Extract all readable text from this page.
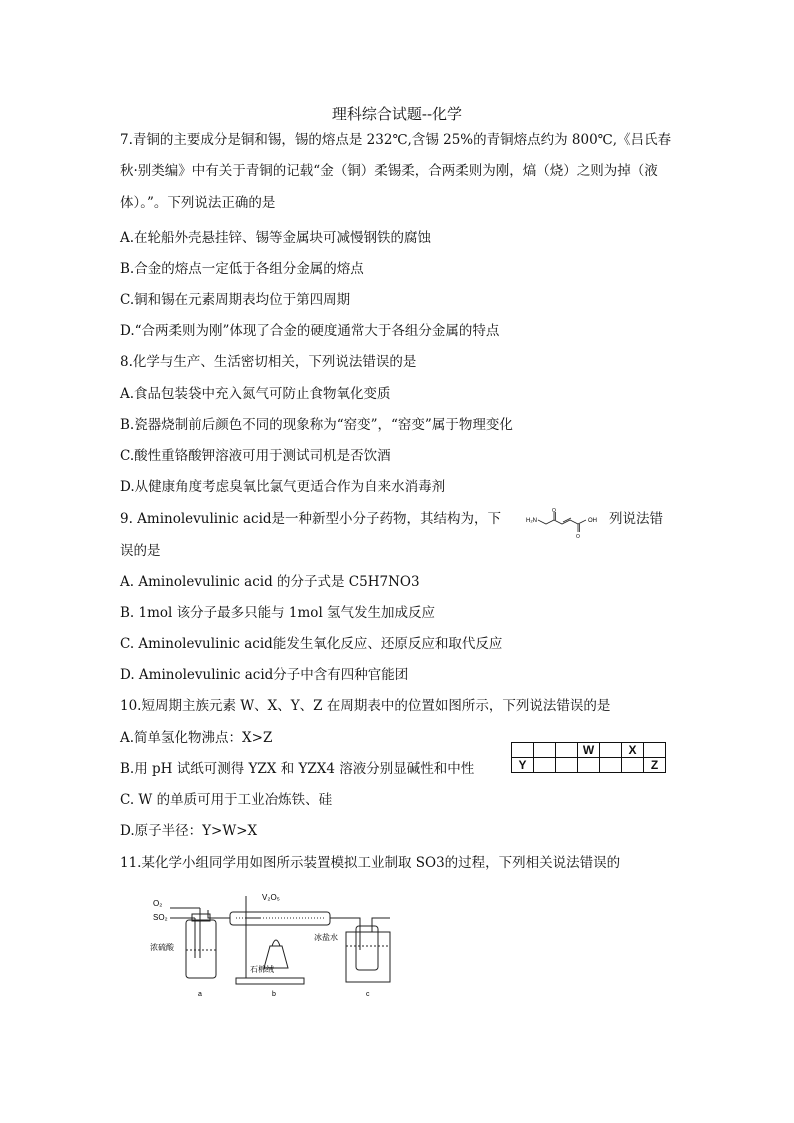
理科综合试题--化学
7.青铜的主要成分是铜和锡，锡的熔点是 232℃,含锡 25%的青铜熔点约为 800℃,《吕氏春
秋·别类编》中有关于青铜的记载“金（铜）柔锡柔，合两柔则为刚，熇（烧）之则为掉（液
体）。”。下列说法正确的是
A.在轮船外壳悬挂锌、锡等金属块可减慢钢铁的腐蚀
B.合金的熔点一定低于各组分金属的熔点
C.铜和锡在元素周期表均位于第四周期
D.“合两柔则为刚”体现了合金的硬度通常大于各组分金属的特点
8.化学与生产、生活密切相关，下列说法错误的是
A.食品包装袋中充入氮气可防止食物氧化变质
B.瓷器烧制前后颜色不同的现象称为“窑变”，“窑变”属于物理变化
C.酸性重铬酸钾溶液可用于测试司机是否饮酒
D.从健康角度考虑臭氧比氯气更适合作为自来水消毒剂
9. Aminolevulinic acid是一种新型小分子药物，其结构为，下	列说法错
误的是
A. Aminolevulinic acid 的分子式是 C5H7NO3
B. 1mol 该分子最多只能与 1mol 氢气发生加成反应
C. Aminolevulinic acid能发生氧化反应、还原反应和取代反应
D. Aminolevulinic acid分子中含有四种官能团
H₂N
O
O
OH
10.短周期主族元素 W、X、Y、Z 在周期表中的位置如图所示，下列说法错误的是
A.简单氢化物沸点：X>Z
B.用 pH 试纸可测得 YZX 和 YZX4 溶液分别显碱性和中性
C. W 的单质可用于工业冶炼铁、硅
D.原子半径：Y>W>X
			W		X	
Y						Z
11.某化学小组同学用如图所示装置模拟工业制取 SO3的过程，下列相关说法错误的
O₂
SO₂
V₂O₅
浓硫酸
石棉绒
冰盐水
a	b	c
